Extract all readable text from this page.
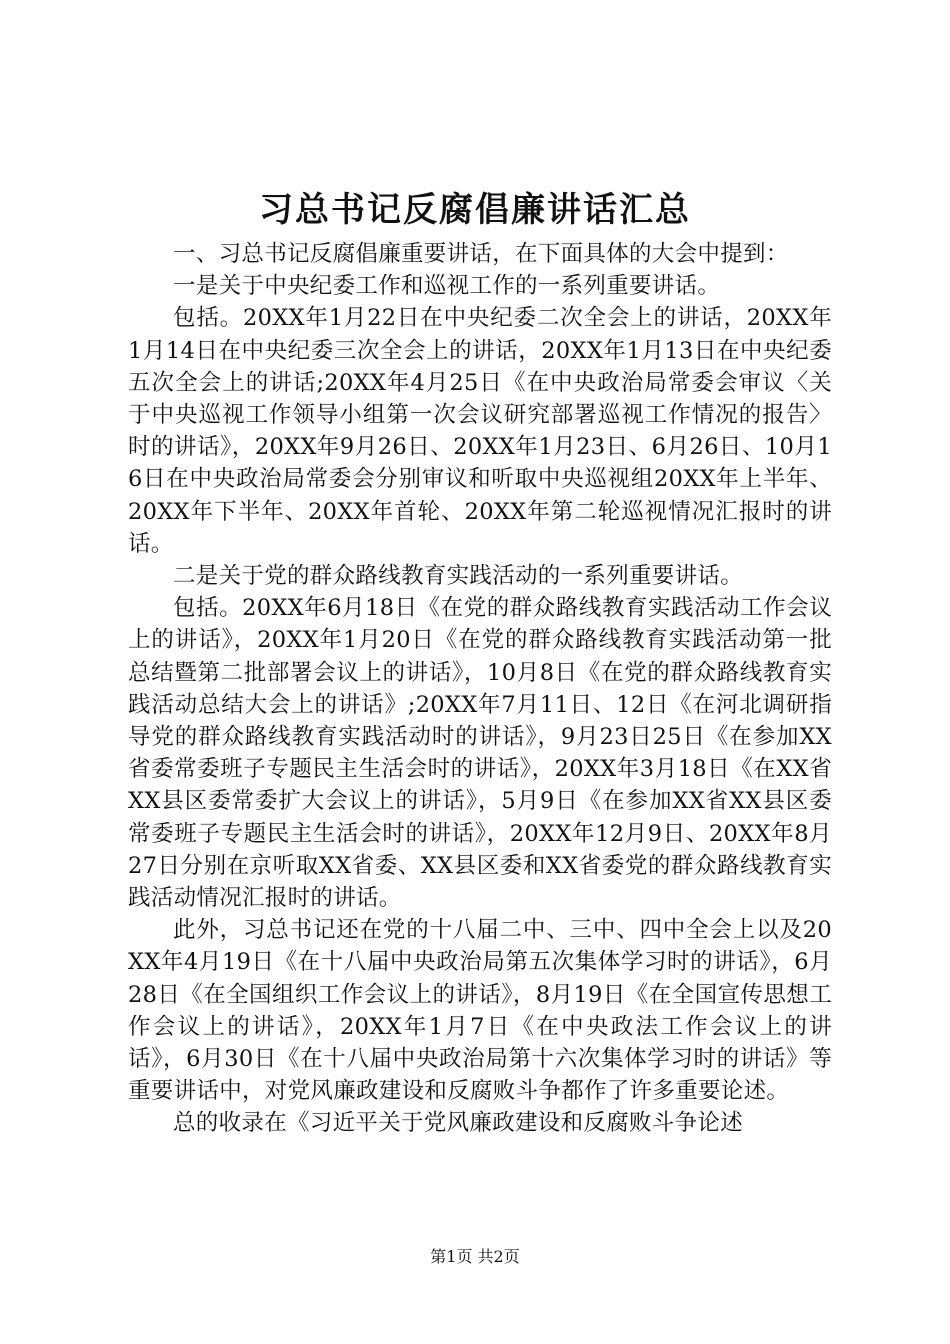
习总书记反腐倡廉讲话汇总

一、习总书记反腐倡廉重要讲话，在下面具体的大会中提到：

一是关于中央纪委工作和巡视工作的一系列重要讲话。

包括。20XX年1月22日在中央纪委二次全会上的讲话，20XX年1月14日在中央纪委三次全会上的讲话，20XX年1月13日在中央纪委五次全会上的讲话;20XX年4月25日《在中央政治局常委会审议〈关于中央巡视工作领导小组第一次会议研究部署巡视工作情况的报告〉时的讲话》，20XX年9月26日、20XX年1月23日、6月26日、10月16日在中央政治局常委会分别审议和听取中央巡视组20XX年上半年、20XX年下半年、20XX年首轮、20XX年第二轮巡视情况汇报时的讲话。

二是关于党的群众路线教育实践活动的一系列重要讲话。

包括。20XX年6月18日《在党的群众路线教育实践活动工作会议上的讲话》，20XX年1月20日《在党的群众路线教育实践活动第一批总结暨第二批部署会议上的讲话》，10月8日《在党的群众路线教育实践活动总结大会上的讲话》;20XX年7月11日、12日《在河北调研指导党的群众路线教育实践活动时的讲话》，9月23日25日《在参加XX省委常委班子专题民主生活会时的讲话》，20XX年3月18日《在XX省XX县区委常委扩大会议上的讲话》，5月9日《在参加XX省XX县区委常委班子专题民主生活会时的讲话》，20XX年12月9日、20XX年8月27日分别在京听取XX省委、XX县区委和XX省委党的群众路线教育实践活动情况汇报时的讲话。

此外，习总书记还在党的十八届二中、三中、四中全会上以及20XX年4月19日《在十八届中央政治局第五次集体学习时的讲话》，6月28日《在全国组织工作会议上的讲话》，8月19日《在全国宣传思想工作会议上的讲话》，20XX年1月7日《在中央政法工作会议上的讲话》，6月30日《在十八届中央政治局第十六次集体学习时的讲话》等重要讲话中，对党风廉政建设和反腐败斗争都作了许多重要论述。

总的收录在《习近平关于党风廉政建设和反腐败斗争论述

第1页 共2页
